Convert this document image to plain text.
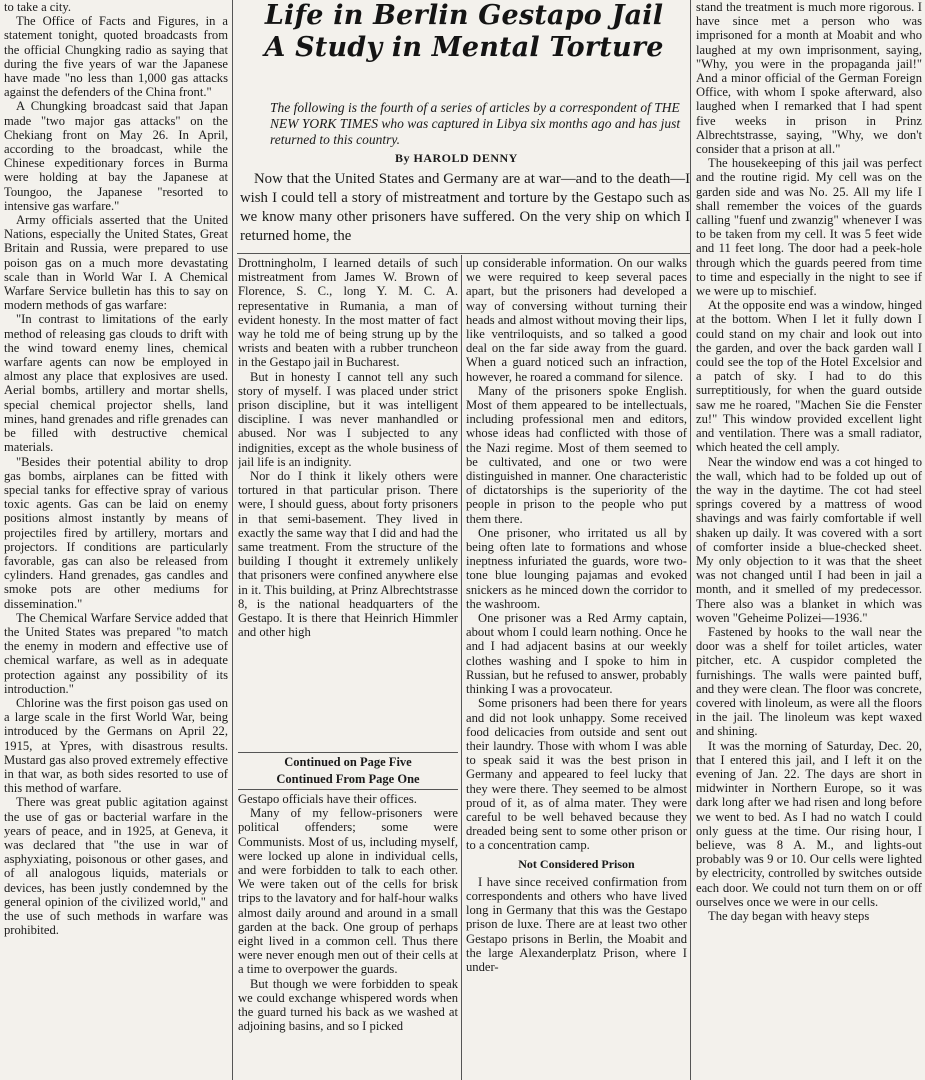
Life in Berlin Gestapo Jail
A Study in Mental Torture
The following is the fourth of a series of articles by a correspondent of THE NEW YORK TIMES who was captured in Libya six months ago and has just returned to this country.
By HAROLD DENNY

Now that the United States and Germany are at war—and to the death—I wish I could tell a story of mistreatment and torture by the Gestapo such as we know many other prisoners have suffered. On the very ship on which I returned home, the

to take a city.

The Office of Facts and Figures, in a statement tonight, quoted broadcasts from the official Chungking radio as saying that during the five years of war the Japanese have made "no less than 1,000 gas attacks against the defenders of the China front."

A Chungking broadcast said that Japan made "two major gas attacks" on the Chekiang front on May 26. In April, according to the broadcast, while the Chinese expeditionary forces in Burma were holding at bay the Japanese at Toungoo, the Japanese "resorted to intensive gas warfare."

Army officials asserted that the United Nations, especially the United States, Great Britain and Russia, were prepared to use poison gas on a much more devastating scale than in World War I. A Chemical Warfare Service bulletin has this to say on modern methods of gas warfare:

"In contrast to limitations of the early method of releasing gas clouds to drift with the wind toward enemy lines, chemical warfare agents can now be employed in almost any place that explosives are used. Aerial bombs, artillery and mortar shells, special chemical projector shells, land mines, hand grenades and rifle grenades can be filled with destructive chemical materials.

"Besides their potential ability to drop gas bombs, airplanes can be fitted with special tanks for effective spray of various toxic agents. Gas can be laid on enemy positions almost instantly by means of projectiles fired by artillery, mortars and projectors. If conditions are particularly favorable, gas can also be released from cylinders. Hand grenades, gas candles and smoke pots are other mediums for dissemination."

The Chemical Warfare Service added that the United States was prepared "to match the enemy in modern and effective use of chemical warfare, as well as in adequate protection against any possibility of its introduction."

Chlorine was the first poison gas used on a large scale in the first World War, being introduced by the Germans on April 22, 1915, at Ypres, with disastrous results. Mustard gas also proved extremely effective in that war, as both sides resorted to use of this method of warfare.

There was great public agitation against the use of gas or bacterial warfare in the years of peace, and in 1925, at Geneva, it was declared that "the use in war of asphyxiating, poisonous or other gases, and of all analogous liquids, materials or devices, has been justly condemned by the general opinion of the civilized world," and the use of such methods in warfare was prohibited.

Drottningholm, I learned details of such mistreatment from James W. Brown of Florence, S. C., long Y. M. C. A. representative in Rumania, a man of evident honesty. In the most matter of fact way he told me of being strung up by the wrists and beaten with a rubber truncheon in the Gestapo jail in Bucharest.

But in honesty I cannot tell any such story of myself. I was placed under strict prison discipline, but it was intelligent discipline. I was never manhandled or abused. Nor was I subjected to any indignities, except as the whole business of jail life is an indignity.

Nor do I think it likely others were tortured in that particular prison. There were, I should guess, about forty prisoners in that semi-basement. They lived in exactly the same way that I did and had the same treatment. From the structure of the building I thought it extremely unlikely that prisoners were confined anywhere else in it. This building, at Prinz Albrechtstrasse 8, is the national headquarters of the Gestapo. It is there that Heinrich Himmler and other high

Continued on Page Five
Continued From Page One

Gestapo officials have their offices.

Many of my fellow-prisoners were political offenders; some were Communists. Most of us, including myself, were locked up alone in individual cells, and were forbidden to talk to each other. We were taken out of the cells for brisk trips to the lavatory and for half-hour walks almost daily around and around in a small garden at the back. One group of perhaps eight lived in a common cell. Thus there were never enough men out of their cells at a time to overpower the guards.

But though we were forbidden to speak we could exchange whispered words when the guard turned his back as we washed at adjoining basins, and so I picked

up considerable information. On our walks we were required to keep several paces apart, but the prisoners had developed a way of conversing without turning their heads and almost without moving their lips, like ventriloquists, and so talked a good deal on the far side away from the guard. When a guard noticed such an infraction, however, he roared a command for silence.

Many of the prisoners spoke English. Most of them appeared to be intellectuals, including professional men and editors, whose ideas had conflicted with those of the Nazi regime. Most of them seemed to be cultivated, and one or two were distinguished in manner. One characteristic of dictatorships is the superiority of the people in prison to the people who put them there.

One prisoner, who irritated us all by being often late to formations and whose ineptness infuriated the guards, wore two-tone blue lounging pajamas and evoked snickers as he minced down the corridor to the washroom.

One prisoner was a Red Army captain, about whom I could learn nothing. Once he and I had adjacent basins at our weekly clothes washing and I spoke to him in Russian, but he refused to answer, probably thinking I was a provocateur.

Some prisoners had been there for years and did not look unhappy. Some received food delicacies from outside and sent out their laundry. Those with whom I was able to speak said it was the best prison in Germany and appeared to feel lucky that they were there. They seemed to be almost proud of it, as of alma mater. They were careful to be well behaved because they dreaded being sent to some other prison or to a concentration camp.

Not Considered Prison

I have since received confirmation from correspondents and others who have lived long in Germany that this was the Gestapo prison de luxe. There are at least two other Gestapo prisons in Berlin, the Moabit and the large Alexanderplatz Prison, where I under-

stand the treatment is much more rigorous. I have since met a person who was imprisoned for a month at Moabit and who laughed at my own imprisonment, saying, "Why, you were in the propaganda jail!" And a minor official of the German Foreign Office, with whom I spoke afterward, also laughed when I remarked that I had spent five weeks in prison in Prinz Albrechtstrasse, saying, "Why, we don't consider that a prison at all."

The housekeeping of this jail was perfect and the routine rigid. My cell was on the garden side and was No. 25. All my life I shall remember the voices of the guards calling "fuenf und zwanzig" whenever I was to be taken from my cell. It was 5 feet wide and 11 feet long. The door had a peek-hole through which the guards peered from time to time and especially in the night to see if we were up to mischief.

At the opposite end was a window, hinged at the bottom. When I let it fully down I could stand on my chair and look out into the garden, and over the back garden wall I could see the top of the Hotel Excelsior and a patch of sky. I had to do this surreptitiously, for when the guard outside saw me he roared, "Machen Sie die Fenster zu!" This window provided excellent light and ventilation. There was a small radiator, which heated the cell amply.

Near the window end was a cot hinged to the wall, which had to be folded up out of the way in the daytime. The cot had steel springs covered by a mattress of wood shavings and was fairly comfortable if well shaken up daily. It was covered with a sort of comforter inside a blue-checked sheet. My only objection to it was that the sheet was not changed until I had been in jail a month, and it smelled of my predecessor. There also was a blanket in which was woven "Geheime Polizei—1936."

Fastened by hooks to the wall near the door was a shelf for toilet articles, water pitcher, etc. A cuspidor completed the furnishings. The walls were painted buff, and they were clean. The floor was concrete, covered with linoleum, as were all the floors in the jail. The linoleum was kept waxed and shining.

It was the morning of Saturday, Dec. 20, that I entered this jail, and I left it on the evening of Jan. 22. The days are short in midwinter in Northern Europe, so it was dark long after we had risen and long before we went to bed. As I had no watch I could only guess at the time. Our rising hour, I believe, was 8 A. M., and lights-out probably was 9 or 10. Our cells were lighted by electricity, controlled by switches outside each door. We could not turn them on or off ourselves once we were in our cells.

The day began with heavy steps
